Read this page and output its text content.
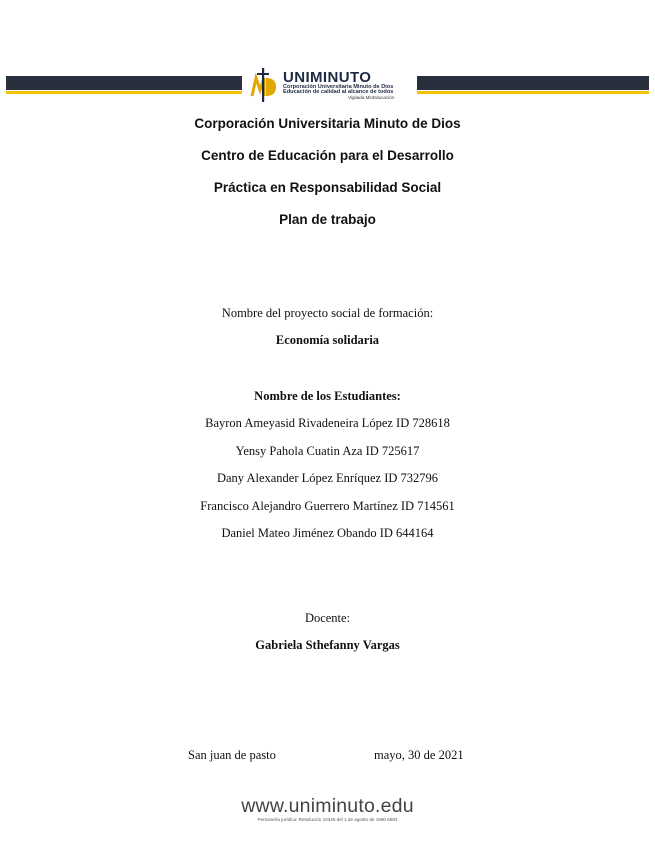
UNIMINUTO
Corporación Universitaria Minuto de Dios
Educación de calidad al alcance de todos
Vigilada MinEducación
Corporación Universitaria Minuto de Dios
Centro de Educación para el Desarrollo
Práctica en Responsabilidad Social
Plan de trabajo
Nombre del proyecto social de formación:
Economía solidaria
Nombre de los Estudiantes:
Bayron Ameyasid Rivadeneira López ID 728618
Yensy Pahola Cuatin Aza ID 725617
Dany Alexander López Enríquez ID 732796
Francisco Alejandro Guerrero Martínez ID 714561
Daniel Mateo Jiménez Obando ID 644164
Docente:
Gabriela Sthefanny Vargas
San juan de pasto	mayo, 30 de 2021
www.uniminuto.edu
Personería jurídica: Resolución 10345 del 1 de agosto de 1990 MEN
